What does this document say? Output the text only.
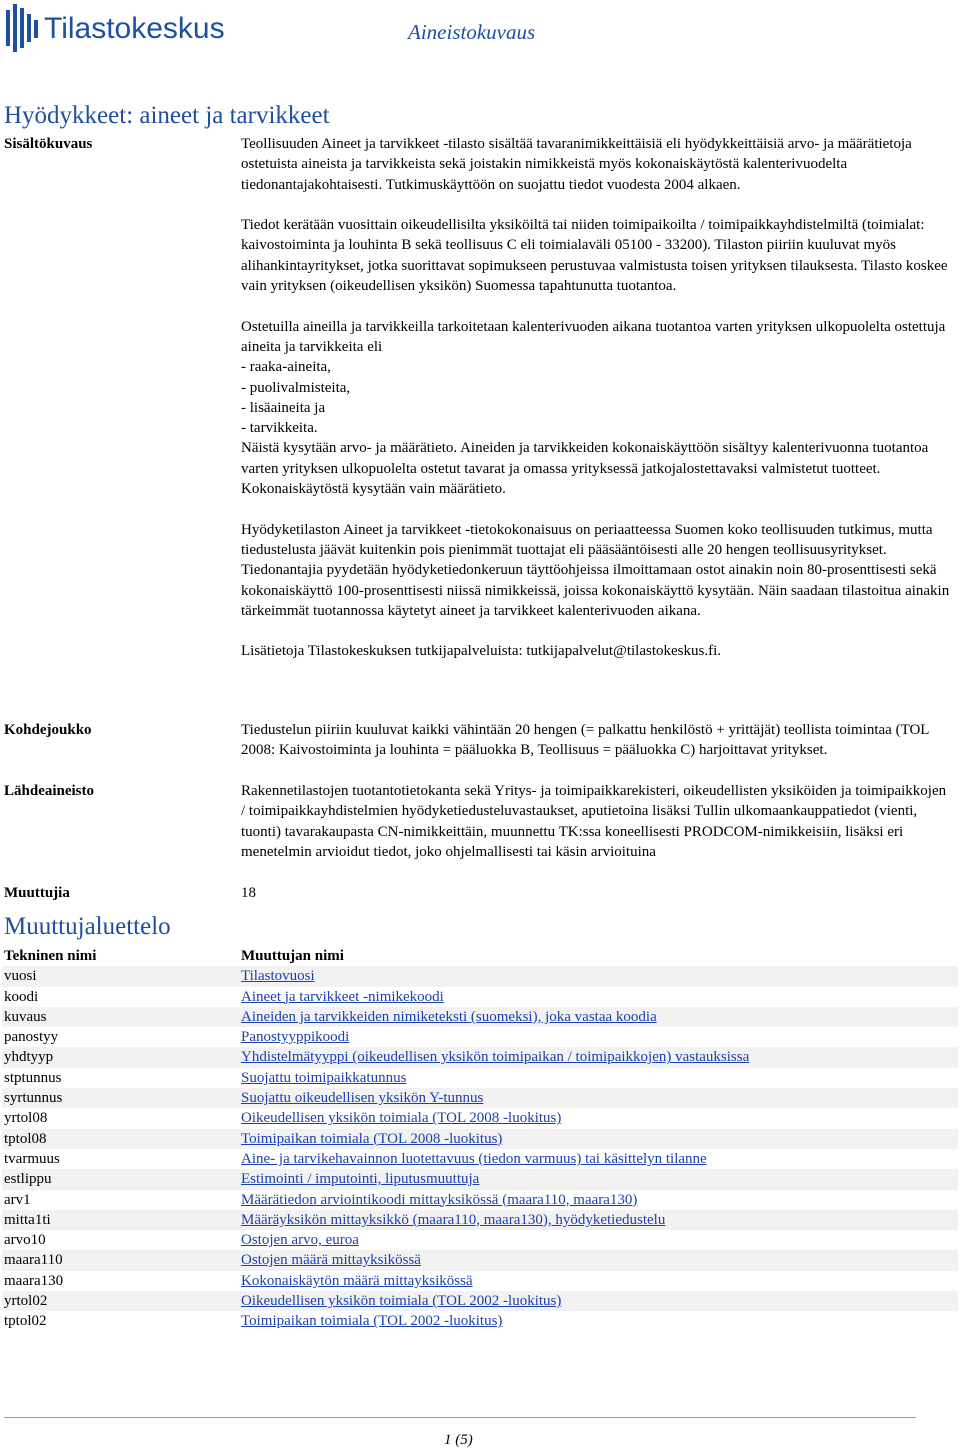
Tilastokeskus	Aineistokuvaus
Hyödykkeet: aineet ja tarvikkeet
Sisältökuvaus	Teollisuuden Aineet ja tarvikkeet -tilasto sisältää tavaranimikkeittäisiä eli hyödykkeittäisiä arvo- ja määrätietoja ostetuista aineista ja tarvikkeista sekä joistakin nimikkeistä myös kokonaiskäytöstä kalenterivuodelta tiedonantajakohtaisesti. Tutkimuskäyttöön on suojattu tiedot vuodesta 2004 alkaen.

Tiedot kerätään vuosittain oikeudellisilta yksiköiltä tai niiden toimipaikoilta / toimipaikkayhdistelmiltä (toimialat: kaivostoiminta ja louhinta B sekä teollisuus C eli toimialaväli 05100 - 33200). Tilaston piiriin kuuluvat myös alihankintayritykset, jotka suorittavat sopimukseen perustuvaa valmistusta toisen yrityksen tilauksesta. Tilasto koskee vain yrityksen (oikeudellisen yksikön) Suomessa tapahtunutta tuotantoa.

Ostetuilla aineilla ja tarvikkeilla tarkoitetaan kalenterivuoden aikana tuotantoa varten yrityksen ulkopuolelta ostettuja aineita ja tarvikkeita eli
- raaka-aineita,
- puolivalmisteita,
- lisäaineita ja
- tarvikkeita.
Näistä kysytään arvo- ja määrätieto. Aineiden ja tarvikkeiden kokonaiskäyttöön sisältyy kalenterivuonna tuotantoa varten yrityksen ulkopuolelta ostetut tavarat ja omassa yrityksessä jatkojalostettavaksi valmistetut tuotteet. Kokonaiskäytöstä kysytään vain määrätieto.

Hyödyketilaston Aineet ja tarvikkeet -tietokokonaisuus on periaatteessa Suomen koko teollisuuden tutkimus, mutta tiedustelusta jäävät kuitenkin pois pienimmät tuottajat eli pääsääntöisesti alle 20 hengen teollisuusyritykset. Tiedonantajia pyydetään hyödyketiedonkeruun täyttöohjeissa ilmoittamaan ostot ainakin noin 80-prosenttisesti sekä kokonaiskäyttö 100-prosenttisesti niissä nimikkeissä, joissa kokonaiskäyttö kysytään. Näin saadaan tilastoitua ainakin tärkeimmät tuotannossa käytetyt aineet ja tarvikkeet kalenterivuoden aikana.

Lisätietoja Tilastokeskuksen tutkijapalveluista: tutkijapalvelut@tilastokeskus.fi.

Kohdejoukko	Tiedustelun piiriin kuuluvat kaikki vähintään 20 hengen (= palkattu henkilöstö + yrittäjät) teollista toimintaa (TOL 2008: Kaivostoiminta ja louhinta = pääluokka B, Teollisuus = pääluokka C) harjoittavat yritykset.
Lähdeaineisto	Rakennetilastojen tuotantotietokanta sekä Yritys- ja toimipaikkarekisteri, oikeudellisten yksiköiden ja toimipaikkojen / toimipaikkayhdistelmien hyödyketiedusteluvastaukset, aputietoina lisäksi Tullin ulkomaankauppatiedot (vienti, tuonti) tavarakaupasta CN-nimikkeittäin, muunnettu TK:ssa koneellisesti PRODCOM-nimikkeisiin, lisäksi eri menetelmin arvioidut tiedot, joko ohjelmallisesti tai käsin arvioituina
Muuttujia	18
Muuttujaluettelo
Tekninen nimi	Muuttujan nimi
vuosi	Tilastovuosi
koodi	Aineet ja tarvikkeet -nimikekoodi
kuvaus	Aineiden ja tarvikkeiden nimiketeksti (suomeksi), joka vastaa koodia
panostyy	Panostyyppikoodi
yhdtyyp	Yhdistelmätyyppi (oikeudellisen yksikön toimipaikan / toimipaikkojen) vastauksissa
stptunnus	Suojattu toimipaikkatunnus
syrtunnus	Suojattu oikeudellisen yksikön Y-tunnus
yrtol08	Oikeudellisen yksikön toimiala (TOL 2008 -luokitus)
tptol08	Toimipaikan toimiala (TOL 2008 -luokitus)
tvarmuus	Aine- ja tarvikehavainnon luotettavuus (tiedon varmuus) tai käsittelyn tilanne
estlippu	Estimointi / imputointi, liputusmuuttuja
arv1	Määrätiedon arviointikoodi mittayksikössä (maara110, maara130)
mitta1ti	Määräyksikön mittayksikkö (maara110, maara130), hyödyketiedustelu
arvo10	Ostojen arvo, euroa
maara110	Ostojen määrä mittayksikössä
maara130	Kokonaiskäytön määrä mittayksikössä
yrtol02	Oikeudellisen yksikön toimiala (TOL 2002 -luokitus)
tptol02	Toimipaikan toimiala (TOL 2002 -luokitus)
1 (5)
